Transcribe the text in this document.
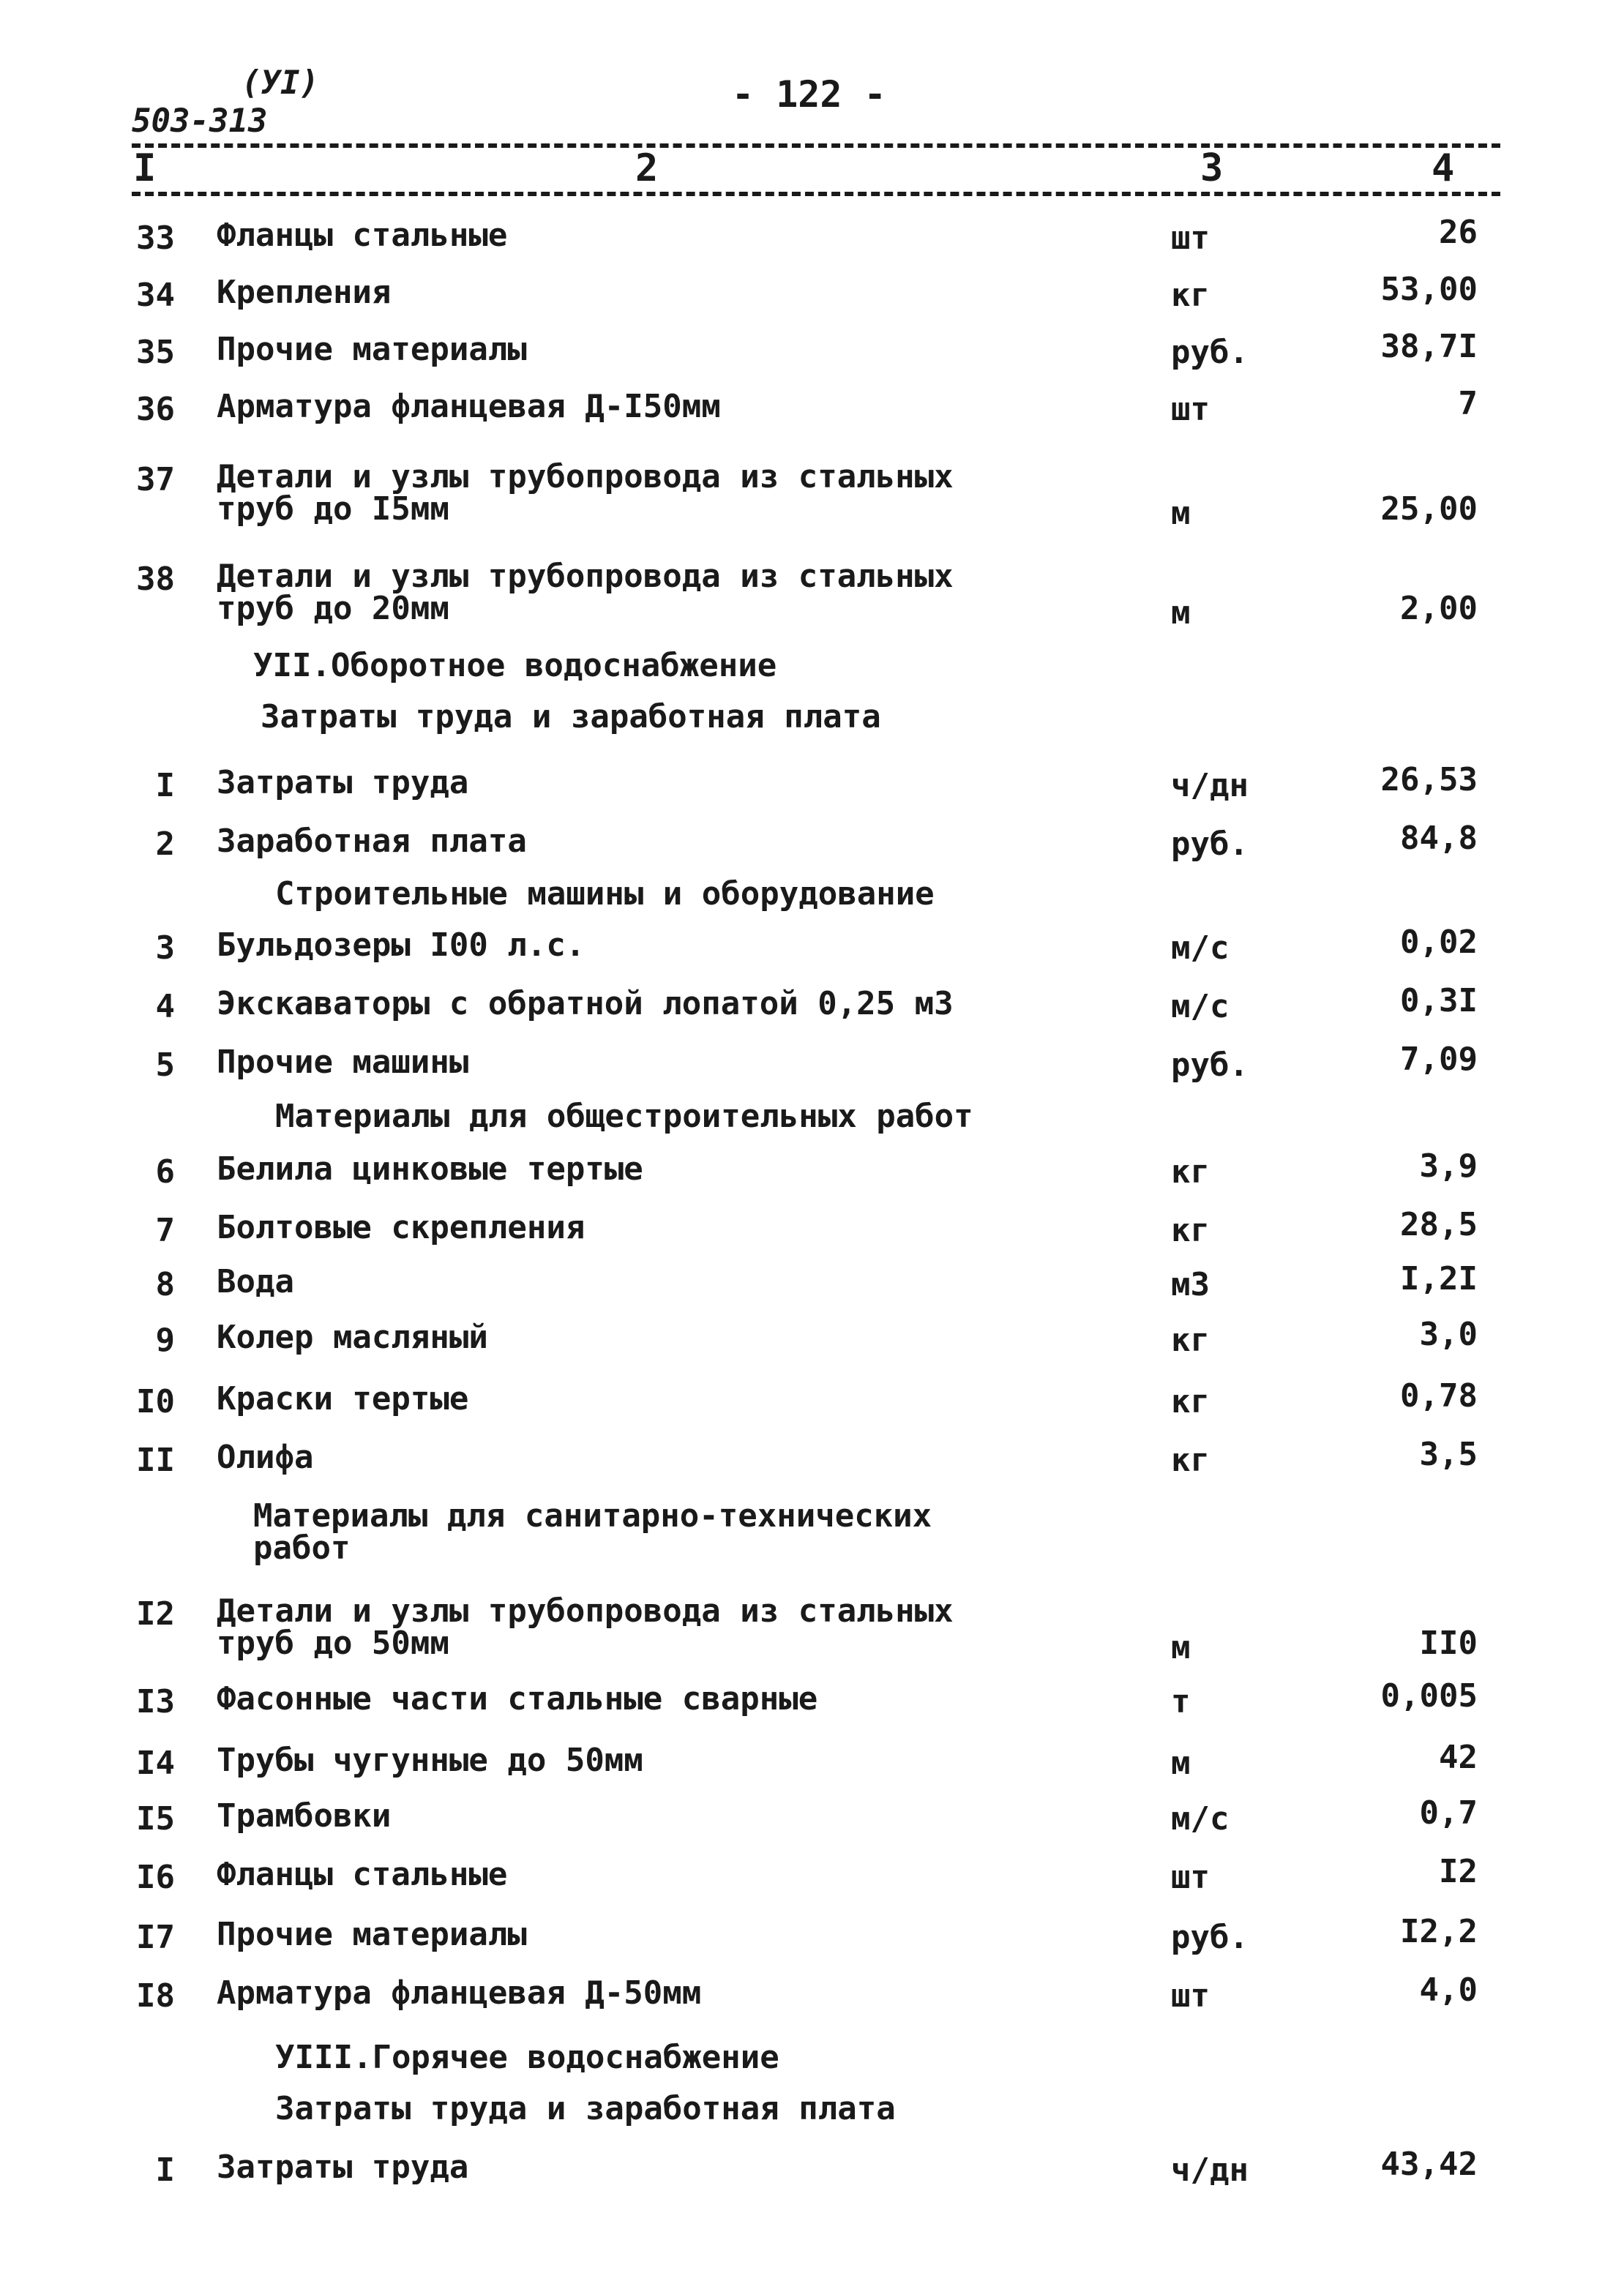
(УI)
503-313
- 122 -
I	2	3	4
33 Фланцы стальные	шт	26
34 Крепления	кг	53,00
35 Прочие материалы	руб.	38,7I
36 Арматура фланцевая Д-I50мм	шт	7
37 Детали и узлы трубопровода из стальных
труб до I5мм	м	25,00
38 Детали и узлы трубопровода из стальных
труб до 20мм	м	2,00
УII.Оборотное водоснабжение
Затраты труда и заработная плата
I Затраты труда	ч/дн	26,53
2 Заработная плата	руб.	84,8
Строительные машины и оборудование
3 Бульдозеры I00 л.с.	м/с	0,02
4 Экскаваторы с обратной лопатой 0,25 м3	м/с	0,3I
5 Прочие машины	руб.	7,09
Материалы для общестроительных работ
6 Белила цинковые тертые	кг	3,9
7 Болтовые скрепления	кг	28,5
8 Вода	м3	I,2I
9 Колер масляный	кг	3,0
I0 Краски тертые	кг	0,78
II Олифа	кг	3,5
Материалы для санитарно-технических
работ
I2 Детали и узлы трубопровода из стальных
труб до 50мм	м	II0
I3 Фасонные части стальные сварные	т	0,005
I4 Трубы чугунные до 50мм	м	42
I5 Трамбовки	м/с	0,7
I6 Фланцы стальные	шт	I2
I7 Прочие материалы	руб.	I2,2
I8 Арматура фланцевая Д-50мм	шт	4,0
УIII.Горячее водоснабжение
Затраты труда и заработная плата
I Затраты труда	ч/дн	43,42
